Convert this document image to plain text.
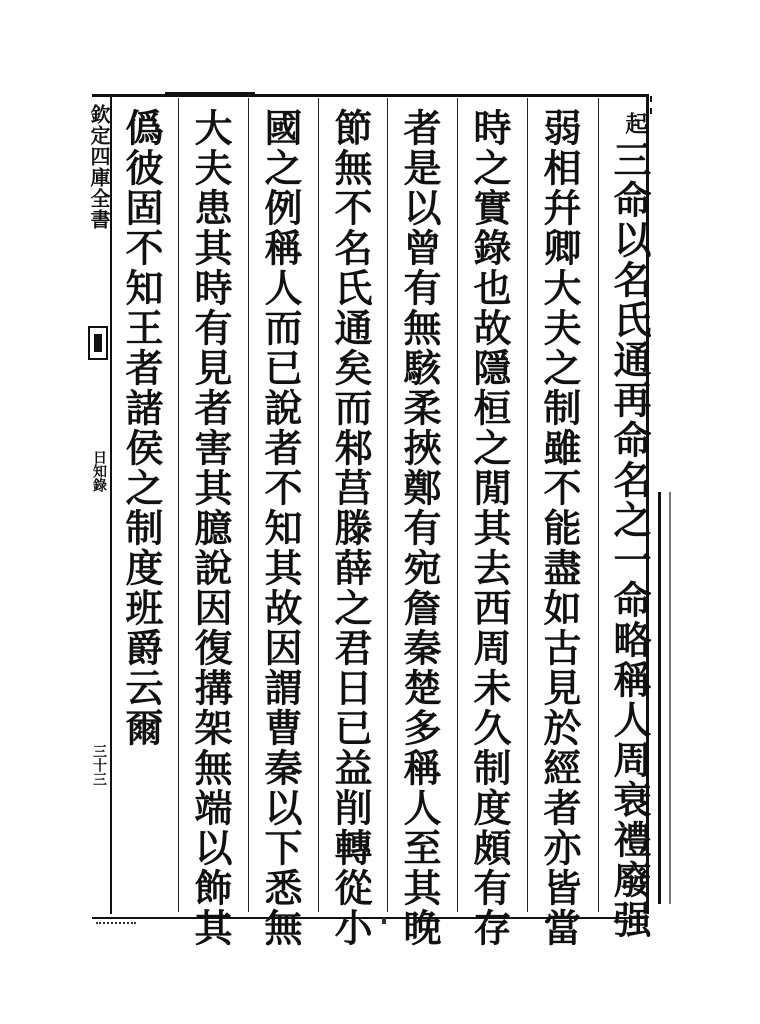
起
三命以名氏通再命名之一命略稱人周衰禮廢强
弱相幷卿大夫之制雖不能盡如古見於經者亦皆當
時之實錄也故隱桓之閒其去西周未久制度頗有存
者是以曾有無駭柔挾鄭有宛詹秦楚多稱人至其晚
節無不名氏通矣而邾莒滕薛之君日已益削轉從小
國之例稱人而已說者不知其故因謂曹秦以下悉無
大夫患其時有見者害其臆說因復搆架無端以飾其
僞彼固不知王者諸侯之制度班爵云爾
欽定四庫全書
日知錄
三十三
